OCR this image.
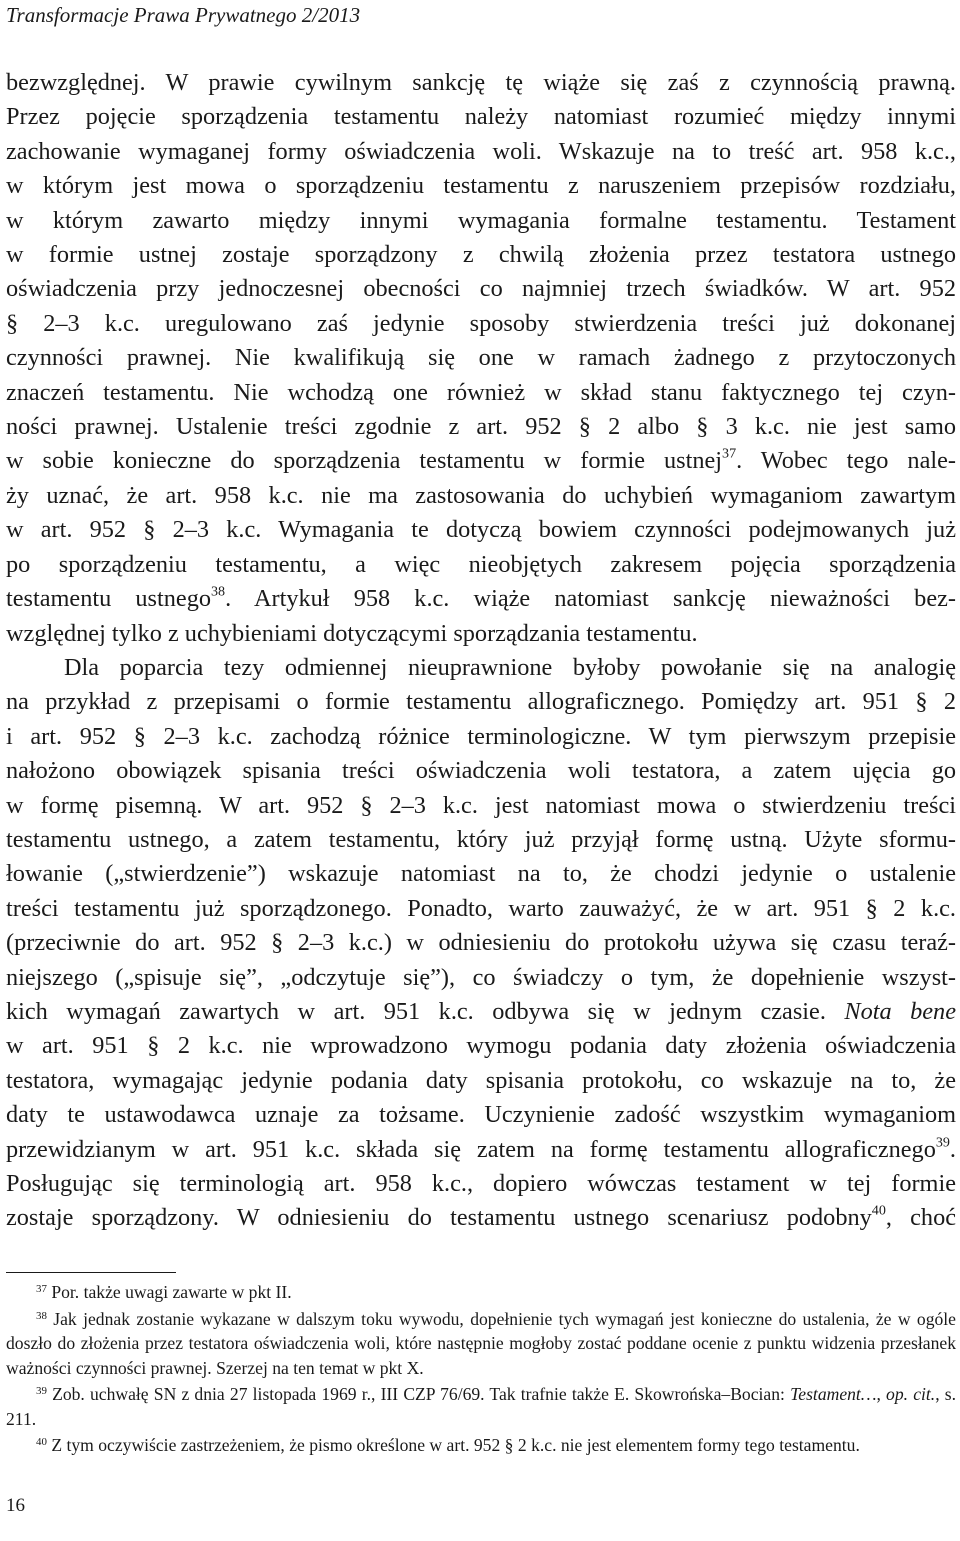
Transformacje Prawa Prywatnego 2/2013

bezwzględnej. W prawie cywilnym sankcję tę wiąże się zaś z czynnością prawną.
Przez pojęcie sporządzenia testamentu należy natomiast rozumieć między innymi
zachowanie wymaganej formy oświadczenia woli. Wskazuje na to treść art. 958 k.c.,
w którym jest mowa o sporządzeniu testamentu z naruszeniem przepisów rozdziału,
w którym zawarto między innymi wymagania formalne testamentu. Testament
w formie ustnej zostaje sporządzony z chwilą złożenia przez testatora ustnego
oświadczenia przy jednoczesnej obecności co najmniej trzech świadków. W art. 952
§ 2–3 k.c. uregulowano zaś jedynie sposoby stwierdzenia treści już dokonanej
czynności prawnej. Nie kwalifikują się one w ramach żadnego z przytoczonych
znaczeń testamentu. Nie wchodzą one również w skład stanu faktycznego tej czyn-
ności prawnej. Ustalenie treści zgodnie z art. 952 § 2 albo § 3 k.c. nie jest samo
w sobie konieczne do sporządzenia testamentu w formie ustnej$^{37}$. Wobec tego nale-
ży uznać, że art. 958 k.c. nie ma zastosowania do uchybień wymaganiom zawartym
w art. 952 § 2–3 k.c. Wymagania te dotyczą bowiem czynności podejmowanych już
po sporządzeniu testamentu, a więc nieobjętych zakresem pojęcia sporządzenia
testamentu ustnego$^{38}$. Artykuł 958 k.c. wiąże natomiast sankcję nieważności bez-
względnej tylko z uchybieniami dotyczącymi sporządzania testamentu.

Dla poparcia tezy odmiennej nieuprawnione byłoby powołanie się na analogię
na przykład z przepisami o formie testamentu allograficznego. Pomiędzy art. 951 § 2
i art. 952 § 2–3 k.c. zachodzą różnice terminologiczne. W tym pierwszym przepisie
nałożono obowiązek spisania treści oświadczenia woli testatora, a zatem ujęcia go
w formę pisemną. W art. 952 § 2–3 k.c. jest natomiast mowa o stwierdzeniu treści
testamentu ustnego, a zatem testamentu, który już przyjął formę ustną. Użyte sformu-
łowanie („stwierdzenie”) wskazuje natomiast na to, że chodzi jedynie o ustalenie
treści testamentu już sporządzonego. Ponadto, warto zauważyć, że w art. 951 § 2 k.c.
(przeciwnie do art. 952 § 2–3 k.c.) w odniesieniu do protokołu używa się czasu teraź-
niejszego („spisuje się”, „odczytuje się”), co świadczy o tym, że dopełnienie wszyst-
kich wymagań zawartych w art. 951 k.c. odbywa się w jednym czasie. Nota bene
w art. 951 § 2 k.c. nie wprowadzono wymogu podania daty złożenia oświadczenia
testatora, wymagając jedynie podania daty spisania protokołu, co wskazuje na to, że
daty te ustawodawca uznaje za tożsame. Uczynienie zadość wszystkim wymaganiom
przewidzianym w art. 951 k.c. składa się zatem na formę testamentu allograficznego$^{39}$.
Posługując się terminologią art. 958 k.c., dopiero wówczas testament w tej formie
zostaje sporządzony. W odniesieniu do testamentu ustnego scenariusz podobny$^{40}$, choć

$^{37}$ Por. także uwagi zawarte w pkt II.

$^{38}$ Jak jednak zostanie wykazane w dalszym toku wywodu, dopełnienie tych wymagań jest konieczne do ustalenia, że w ogóle doszło do złożenia przez testatora oświadczenia woli, które następnie mogłoby zostać poddane ocenie z punktu widzenia przesłanek ważności czynności prawnej. Szerzej na ten temat w pkt X.

$^{39}$ Zob. uchwałę SN z dnia 27 listopada 1969 r., III CZP 76/69. Tak trafnie także E. Skowrońska–Bocian: Testament…, op. cit., s. 211.

$^{40}$ Z tym oczywiście zastrzeżeniem, że pismo określone w art. 952 § 2 k.c. nie jest elementem formy tego testamentu.

16
